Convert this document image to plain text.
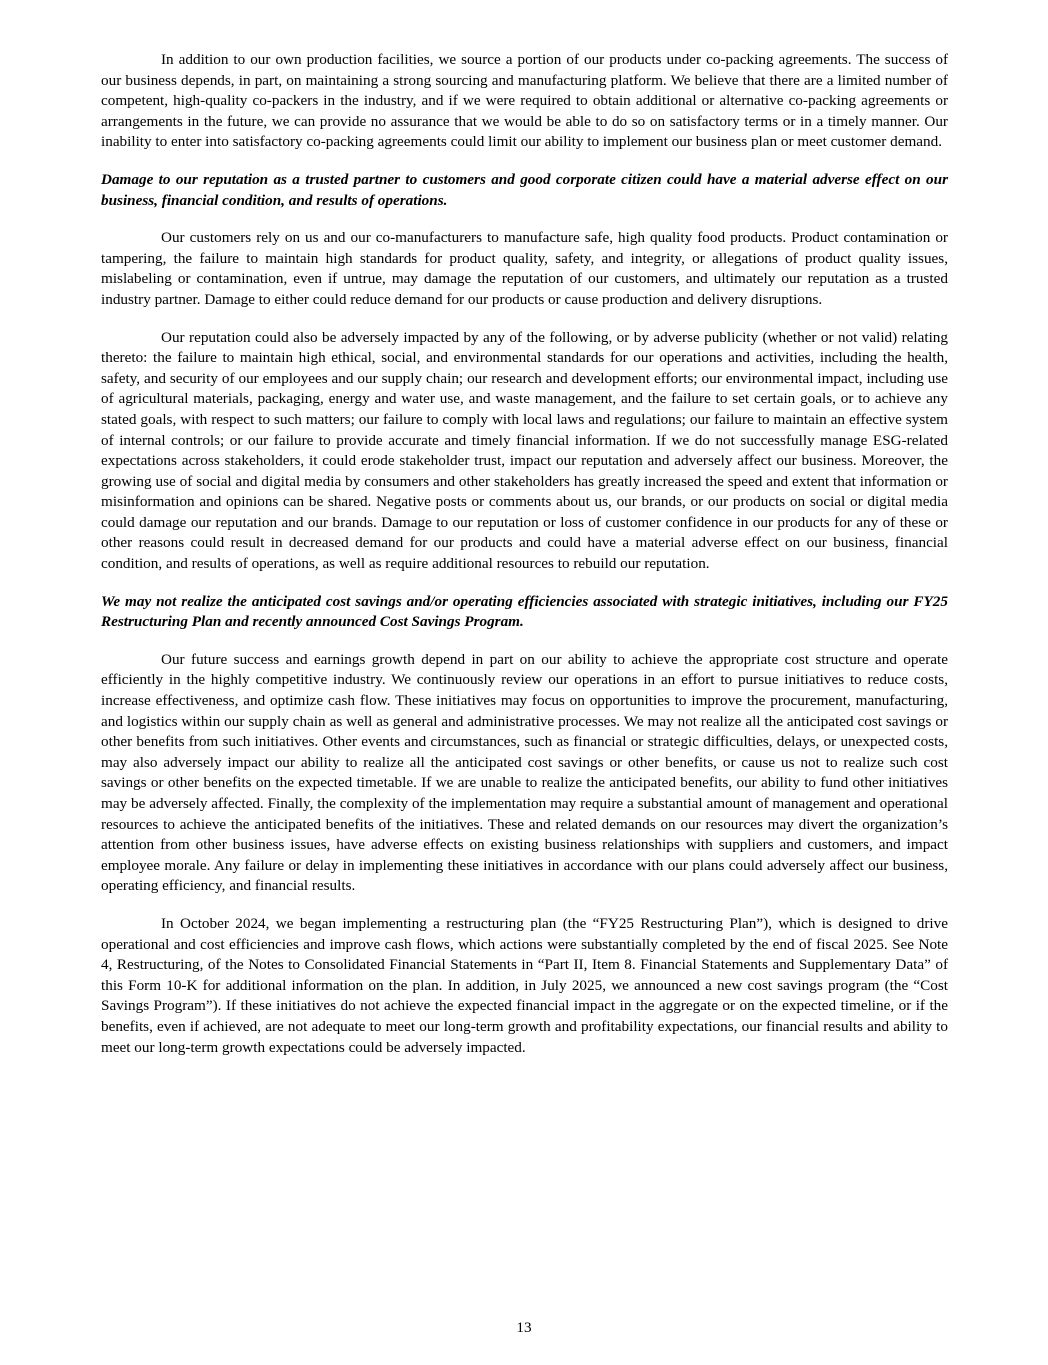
In addition to our own production facilities, we source a portion of our products under co-packing agreements. The success of our business depends, in part, on maintaining a strong sourcing and manufacturing platform. We believe that there are a limited number of competent, high-quality co-packers in the industry, and if we were required to obtain additional or alternative co-packing agreements or arrangements in the future, we can provide no assurance that we would be able to do so on satisfactory terms or in a timely manner. Our inability to enter into satisfactory co-packing agreements could limit our ability to implement our business plan or meet customer demand.

Damage to our reputation as a trusted partner to customers and good corporate citizen could have a material adverse effect on our business, financial condition, and results of operations.

Our customers rely on us and our co-manufacturers to manufacture safe, high quality food products. Product contamination or tampering, the failure to maintain high standards for product quality, safety, and integrity, or allegations of product quality issues, mislabeling or contamination, even if untrue, may damage the reputation of our customers, and ultimately our reputation as a trusted industry partner. Damage to either could reduce demand for our products or cause production and delivery disruptions.

Our reputation could also be adversely impacted by any of the following, or by adverse publicity (whether or not valid) relating thereto: the failure to maintain high ethical, social, and environmental standards for our operations and activities, including the health, safety, and security of our employees and our supply chain; our research and development efforts; our environmental impact, including use of agricultural materials, packaging, energy and water use, and waste management, and the failure to set certain goals, or to achieve any stated goals, with respect to such matters; our failure to comply with local laws and regulations; our failure to maintain an effective system of internal controls; or our failure to provide accurate and timely financial information. If we do not successfully manage ESG-related expectations across stakeholders, it could erode stakeholder trust, impact our reputation and adversely affect our business. Moreover, the growing use of social and digital media by consumers and other stakeholders has greatly increased the speed and extent that information or misinformation and opinions can be shared. Negative posts or comments about us, our brands, or our products on social or digital media could damage our reputation and our brands. Damage to our reputation or loss of customer confidence in our products for any of these or other reasons could result in decreased demand for our products and could have a material adverse effect on our business, financial condition, and results of operations, as well as require additional resources to rebuild our reputation.

We may not realize the anticipated cost savings and/or operating efficiencies associated with strategic initiatives, including our FY25 Restructuring Plan and recently announced Cost Savings Program.

Our future success and earnings growth depend in part on our ability to achieve the appropriate cost structure and operate efficiently in the highly competitive industry. We continuously review our operations in an effort to pursue initiatives to reduce costs, increase effectiveness, and optimize cash flow. These initiatives may focus on opportunities to improve the procurement, manufacturing, and logistics within our supply chain as well as general and administrative processes. We may not realize all the anticipated cost savings or other benefits from such initiatives. Other events and circumstances, such as financial or strategic difficulties, delays, or unexpected costs, may also adversely impact our ability to realize all the anticipated cost savings or other benefits, or cause us not to realize such cost savings or other benefits on the expected timetable. If we are unable to realize the anticipated benefits, our ability to fund other initiatives may be adversely affected. Finally, the complexity of the implementation may require a substantial amount of management and operational resources to achieve the anticipated benefits of the initiatives. These and related demands on our resources may divert the organization’s attention from other business issues, have adverse effects on existing business relationships with suppliers and customers, and impact employee morale. Any failure or delay in implementing these initiatives in accordance with our plans could adversely affect our business, operating efficiency, and financial results.

In October 2024, we began implementing a restructuring plan (the “FY25 Restructuring Plan”), which is designed to drive operational and cost efficiencies and improve cash flows, which actions were substantially completed by the end of fiscal 2025. See Note 4, Restructuring, of the Notes to Consolidated Financial Statements in “Part II, Item 8. Financial Statements and Supplementary Data” of this Form 10-K for additional information on the plan. In addition, in July 2025, we announced a new cost savings program (the “Cost Savings Program”). If these initiatives do not achieve the expected financial impact in the aggregate or on the expected timeline, or if the benefits, even if achieved, are not adequate to meet our long-term growth and profitability expectations, our financial results and ability to meet our long-term growth expectations could be adversely impacted.

13
